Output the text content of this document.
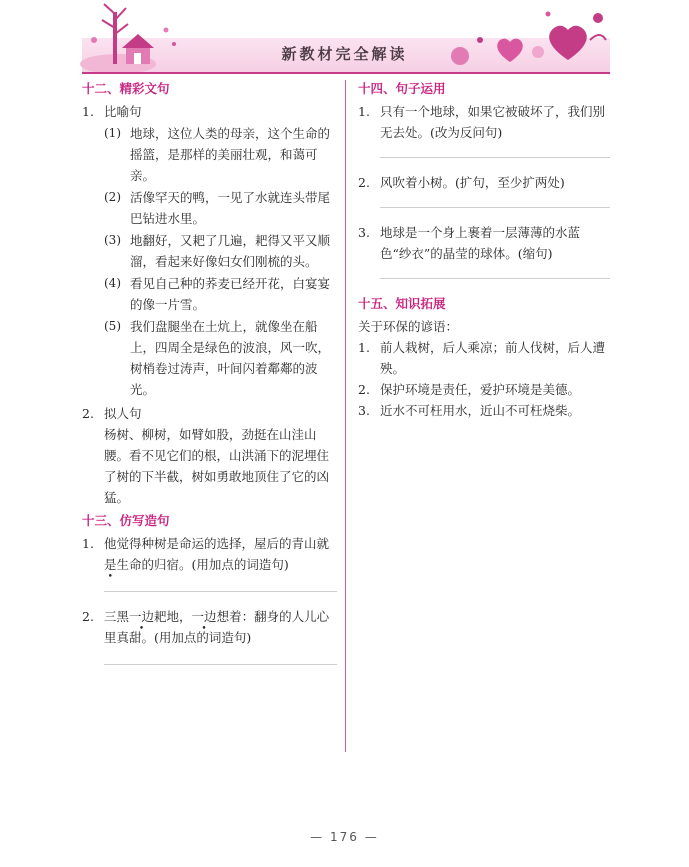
新教材完全解读
十二、精彩文句
1. 比喻句
(1) 地球，这位人类的母亲，这个生命的摇篮，是那样的美丽壮观，和蔼可亲。
(2) 活像罕天的鸭，一见了水就连头带尾巴钻进水里。
(3) 地翻好，又耙了几遍，耙得又平又顺溜，看起来好像妇女们刚梳的头。
(4) 看见自己种的荞麦已经开花，白宴宴的像一片雪。
(5) 我们盘腿坐在土炕上，就像坐在船上，四周全是绿色的波浪，风一吹，树梢卷过涛声，叶间闪着鄰鄰的波光。
2. 拟人句
杨树、柳树，如臂如股，劲挺在山洼山腰。看不见它们的根，山洪涌下的泥埋住了树的下半截，树如勇敢地顶住了它的凶猛。
十三、仿写造句
1. 他觉得种树是命运的选择，屋后的青山就是生命的归宿。(用加点的词造句)
2. 三黑一边耙地，一边想着：翻身的人儿心里真甜。(用加点的词造句)
十四、句子运用
1. 只有一个地球，如果它被破坏了，我们别无去处。(改为反问句)
2. 风吹着小树。(扩句，至少扩两处)
3. 地球是一个身上裹着一层薄薄的水蓝色“纱衣”的晶莹的球体。(缩句)
十五、知识拓展
关于环保的谚语：
1. 前人栽树，后人乘凉；前人伐树，后人遭殃。
2. 保护环境是责任，爱护环境是美德。
3. 近水不可枉用水，近山不可枉烧柴。
— 176 —
